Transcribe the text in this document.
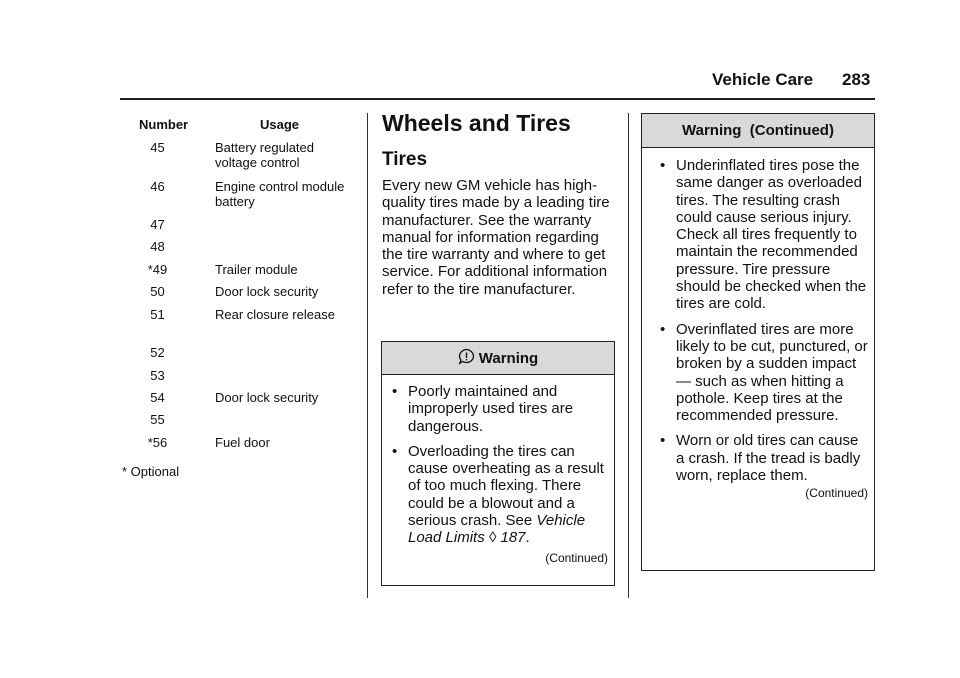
Vehicle Care 283
Number	Usage
45	Battery regulated voltage control
46	Engine control module battery
47
48
*49	Trailer module
50	Door lock security
51	Rear closure release
52
53
54	Door lock security
55
*56	Fuel door
* Optional
Wheels and Tires
Tires
Every new GM vehicle has high-quality tires made by a leading tire manufacturer. See the warranty manual for information regarding the tire warranty and where to get service. For additional information refer to the tire manufacturer.
Warning
• Poorly maintained and improperly used tires are dangerous.
• Overloading the tires can cause overheating as a result of too much flexing. There could be a blowout and a serious crash. See Vehicle Load Limits ◊ 187.
(Continued)
Warning  (Continued)
• Underinflated tires pose the same danger as overloaded tires. The resulting crash could cause serious injury. Check all tires frequently to maintain the recommended pressure. Tire pressure should be checked when the tires are cold.
• Overinflated tires are more likely to be cut, punctured, or broken by a sudden impact — such as when hitting a pothole. Keep tires at the recommended pressure.
• Worn or old tires can cause a crash. If the tread is badly worn, replace them.
(Continued)
